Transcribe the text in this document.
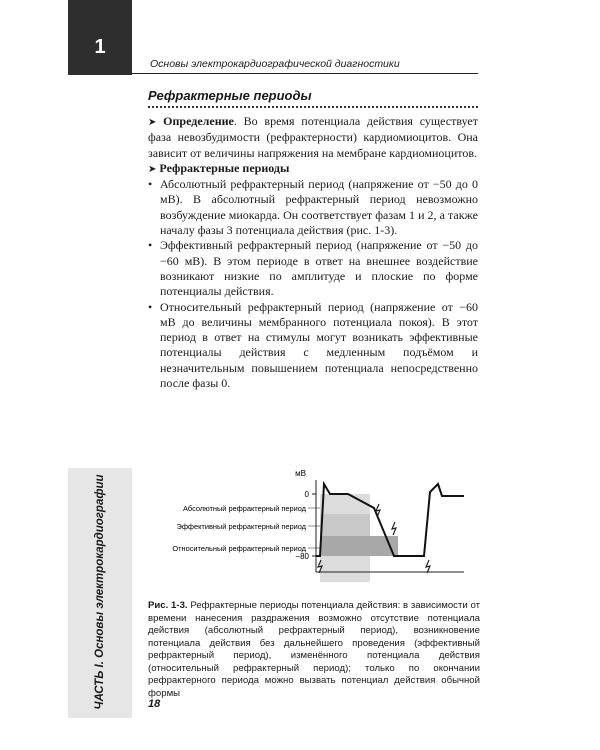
1
Основы электрокардиографической диагностики
Рефрактерные периоды

➤ Определение. Во время потенциала действия существует фаза невозбудимости (рефрактерности) кардиомиоцитов. Она зависит от величины напряжения на мембране кардиомиоцитов.

➤ Рефрактерные периоды

• Абсолютный рефрактерный период (напряжение от −50 до 0 мВ). В абсолютный рефрактерный период невозможно возбуждение миокарда. Он соответствует фазам 1 и 2, а также началу фазы 3 потенциала действия (рис. 1-3).
• Эффективный рефрактерный период (напряжение от −50 до −60 мВ). В этом периоде в ответ на внешнее воздействие возникают низкие по амплитуде и плоские по форме потенциалы действия.
• Относительный рефрактерный период (напряжение от −60 мВ до величины мембранного потенциала покоя). В этот период в ответ на стимулы могут возникать эффективные потенциалы действия с медленным подъёмом и незначительным повышением потенциала непосредственно после фазы 0.
ЧАСТЬ I. Основы электрокардиографии
мВ
0
−80
Абсолютный рефрактерный период
Эффективный рефрактерный период
Относительный рефрактерный период
Рис. 1-3. Рефрактерные периоды потенциала действия: в зависимости от времени нанесения раздражения возможно отсутствие потенциала действия (абсолютный рефрактерный период), возникновение потенциала действия без дальнейшего проведения (эффективный рефрактерный период), изменённого потенциала действия (относительный рефрактерный период); только по окончании рефрактерного периода можно вызвать потенциал действия обычной формы
18
